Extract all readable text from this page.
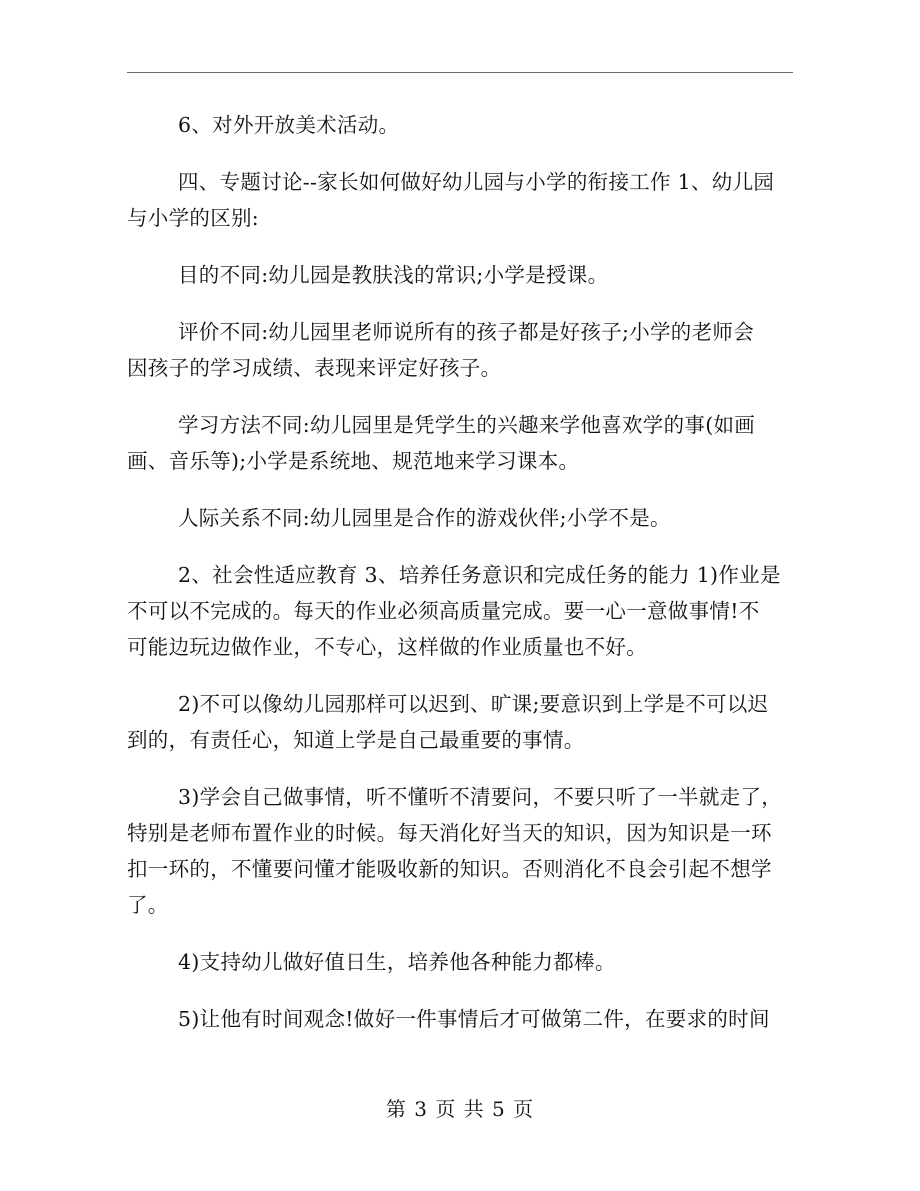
6、对外开放美术活动。

四、专题讨论--家长如何做好幼儿园与小学的衔接工作 1、幼儿园
与小学的区别:

目的不同:幼儿园是教肤浅的常识;小学是授课。

评价不同:幼儿园里老师说所有的孩子都是好孩子;小学的老师会
因孩子的学习成绩、表现来评定好孩子。

学习方法不同:幼儿园里是凭学生的兴趣来学他喜欢学的事(如画
画、音乐等);小学是系统地、规范地来学习课本。

人际关系不同:幼儿园里是合作的游戏伙伴;小学不是。

2、社会性适应教育 3、培养任务意识和完成任务的能力 1)作业是
不可以不完成的。每天的作业必须高质量完成。要一心一意做事情!不
可能边玩边做作业，不专心，这样做的作业质量也不好。

2)不可以像幼儿园那样可以迟到、旷课;要意识到上学是不可以迟
到的，有责任心，知道上学是自己最重要的事情。

3)学会自己做事情，听不懂听不清要问，不要只听了一半就走了，
特别是老师布置作业的时候。每天消化好当天的知识，因为知识是一环
扣一环的，不懂要问懂才能吸收新的知识。否则消化不良会引起不想学
了。

4)支持幼儿做好值日生，培养他各种能力都棒。

5)让他有时间观念!做好一件事情后才可做第二件，在要求的时间

第 3 页 共 5 页
